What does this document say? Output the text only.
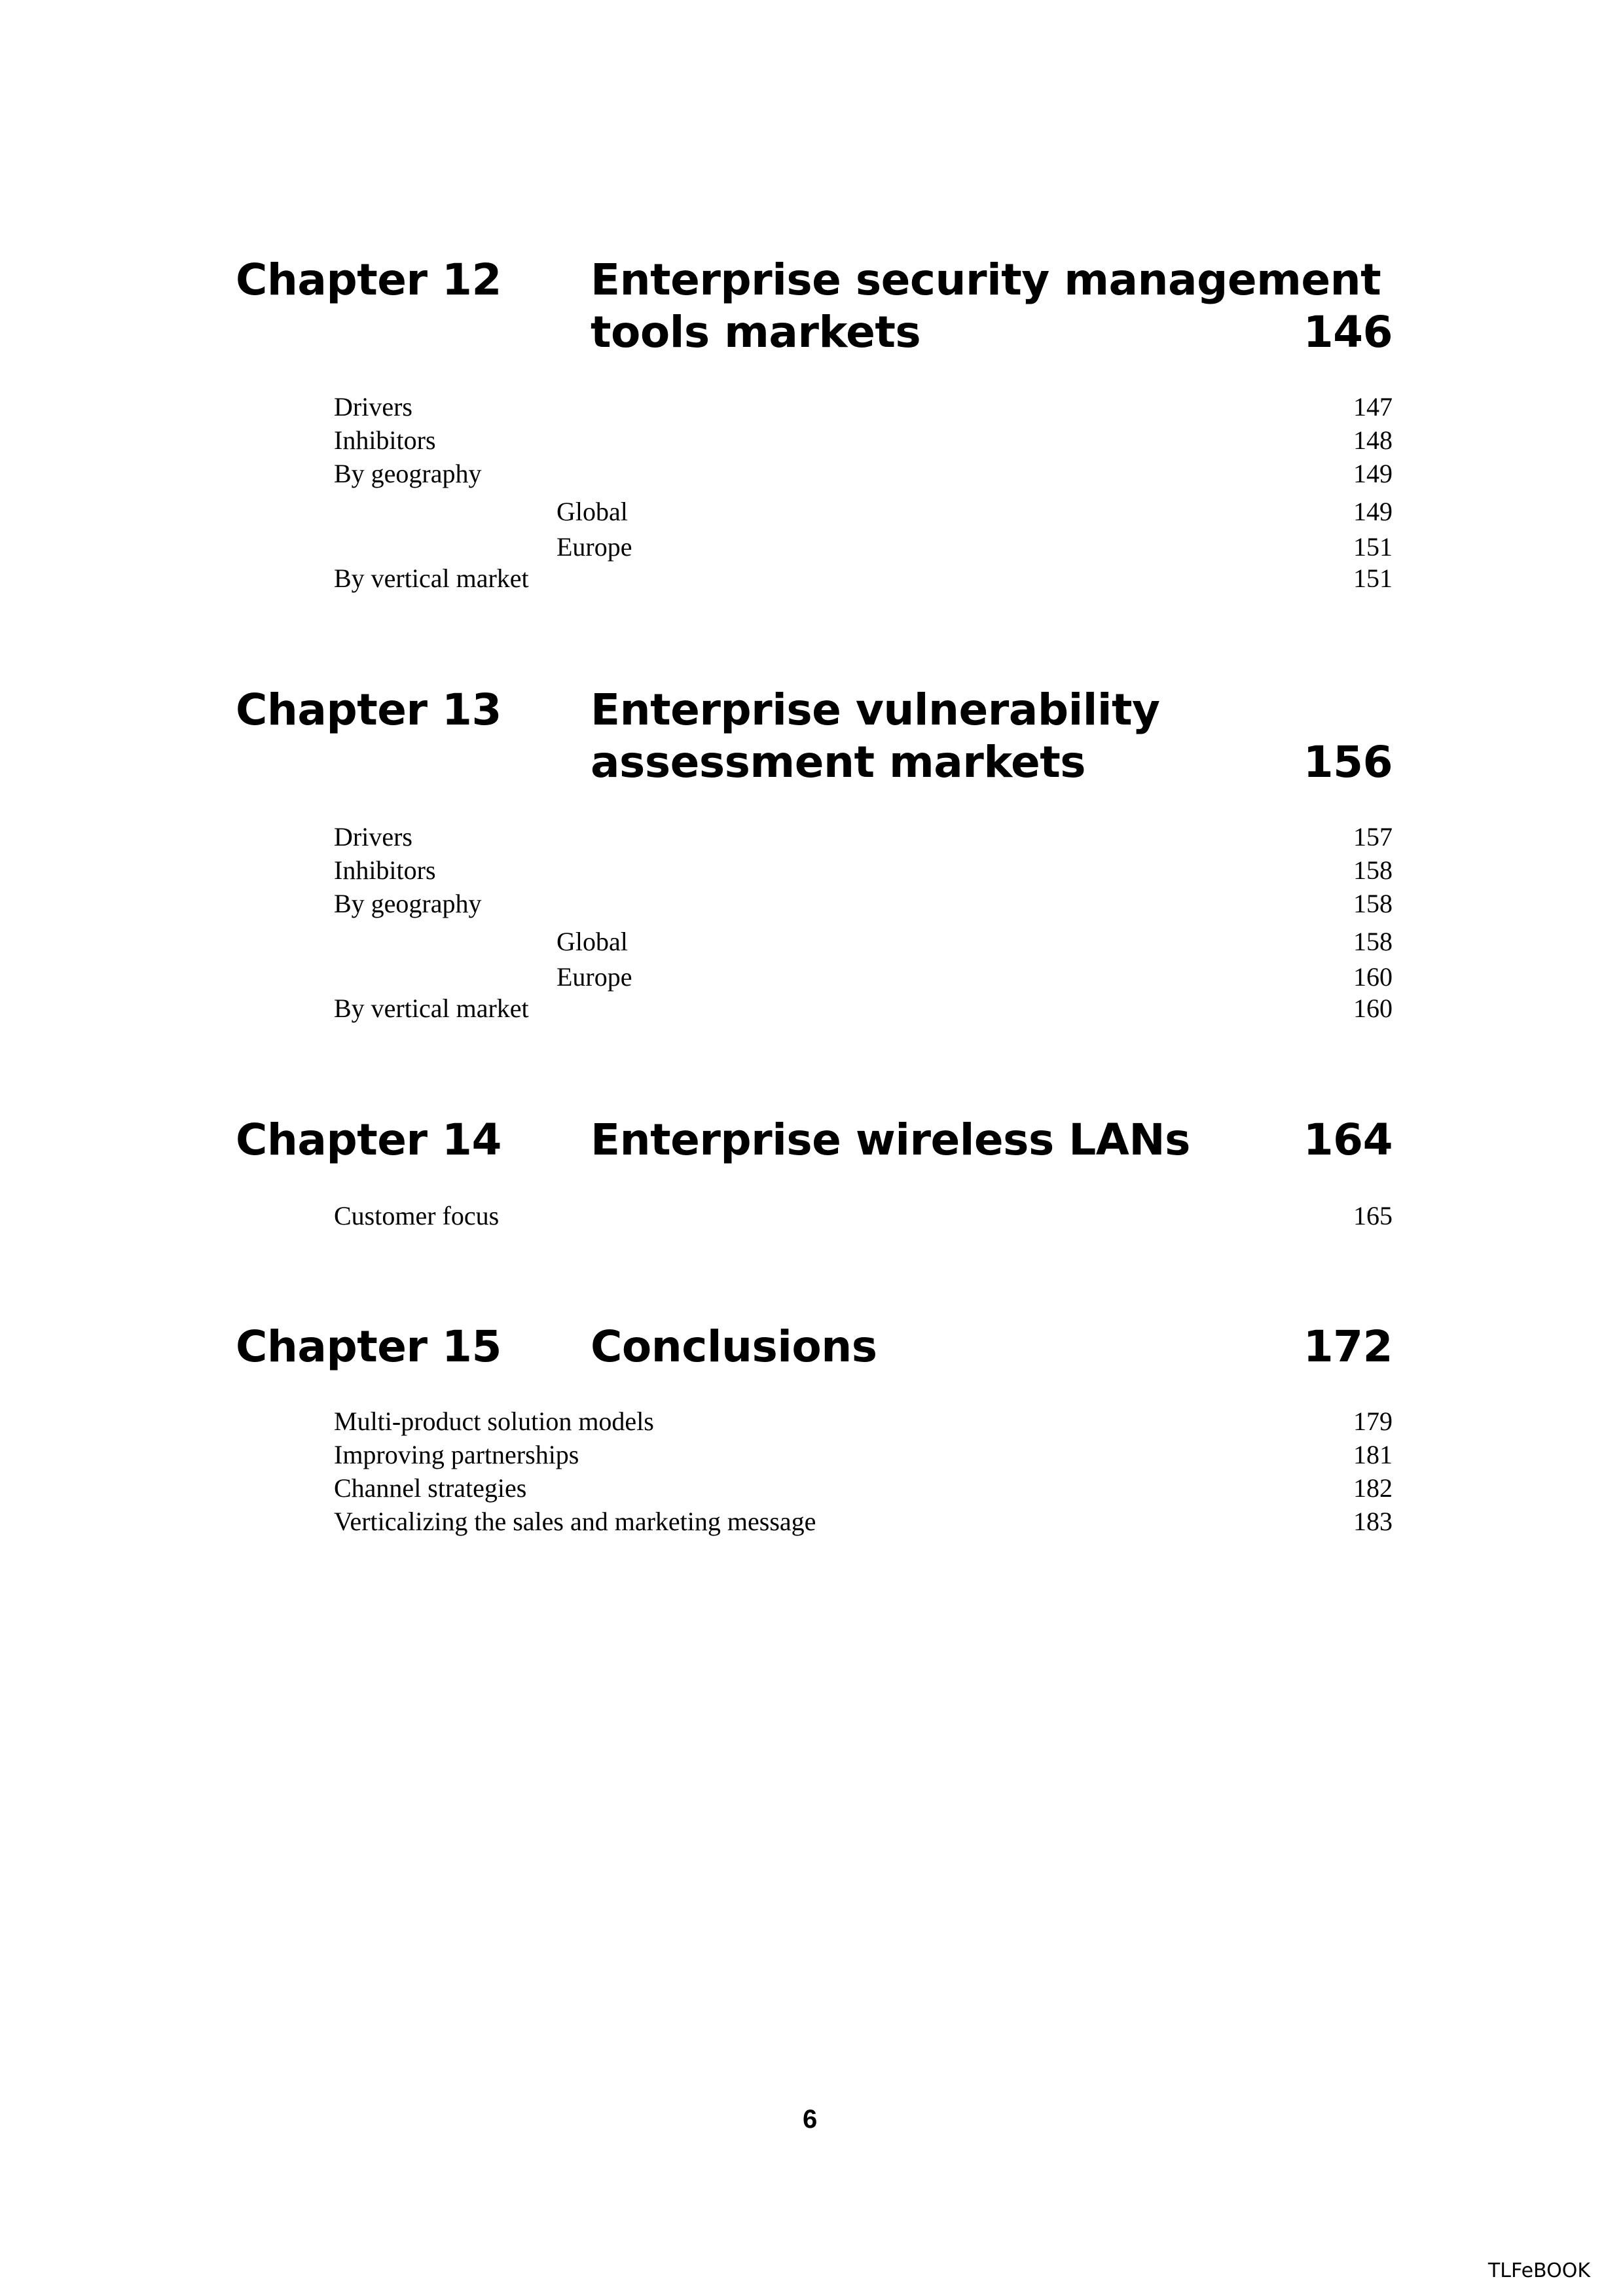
Chapter 12 Enterprise security management
tools markets	146
Drivers	147
Inhibitors	148
By geography	149
Global	149
Europe	151
By vertical market	151
Chapter 13 Enterprise vulnerability
assessment markets	156
Drivers	157
Inhibitors	158
By geography	158
Global	158
Europe	160
By vertical market	160
Chapter 14 Enterprise wireless LANs	164
Customer focus	165
Chapter 15 Conclusions	172
Multi-product solution models	179
Improving partnerships	181
Channel strategies	182
Verticalizing the sales and marketing message	183
6
TLFeBOOK
